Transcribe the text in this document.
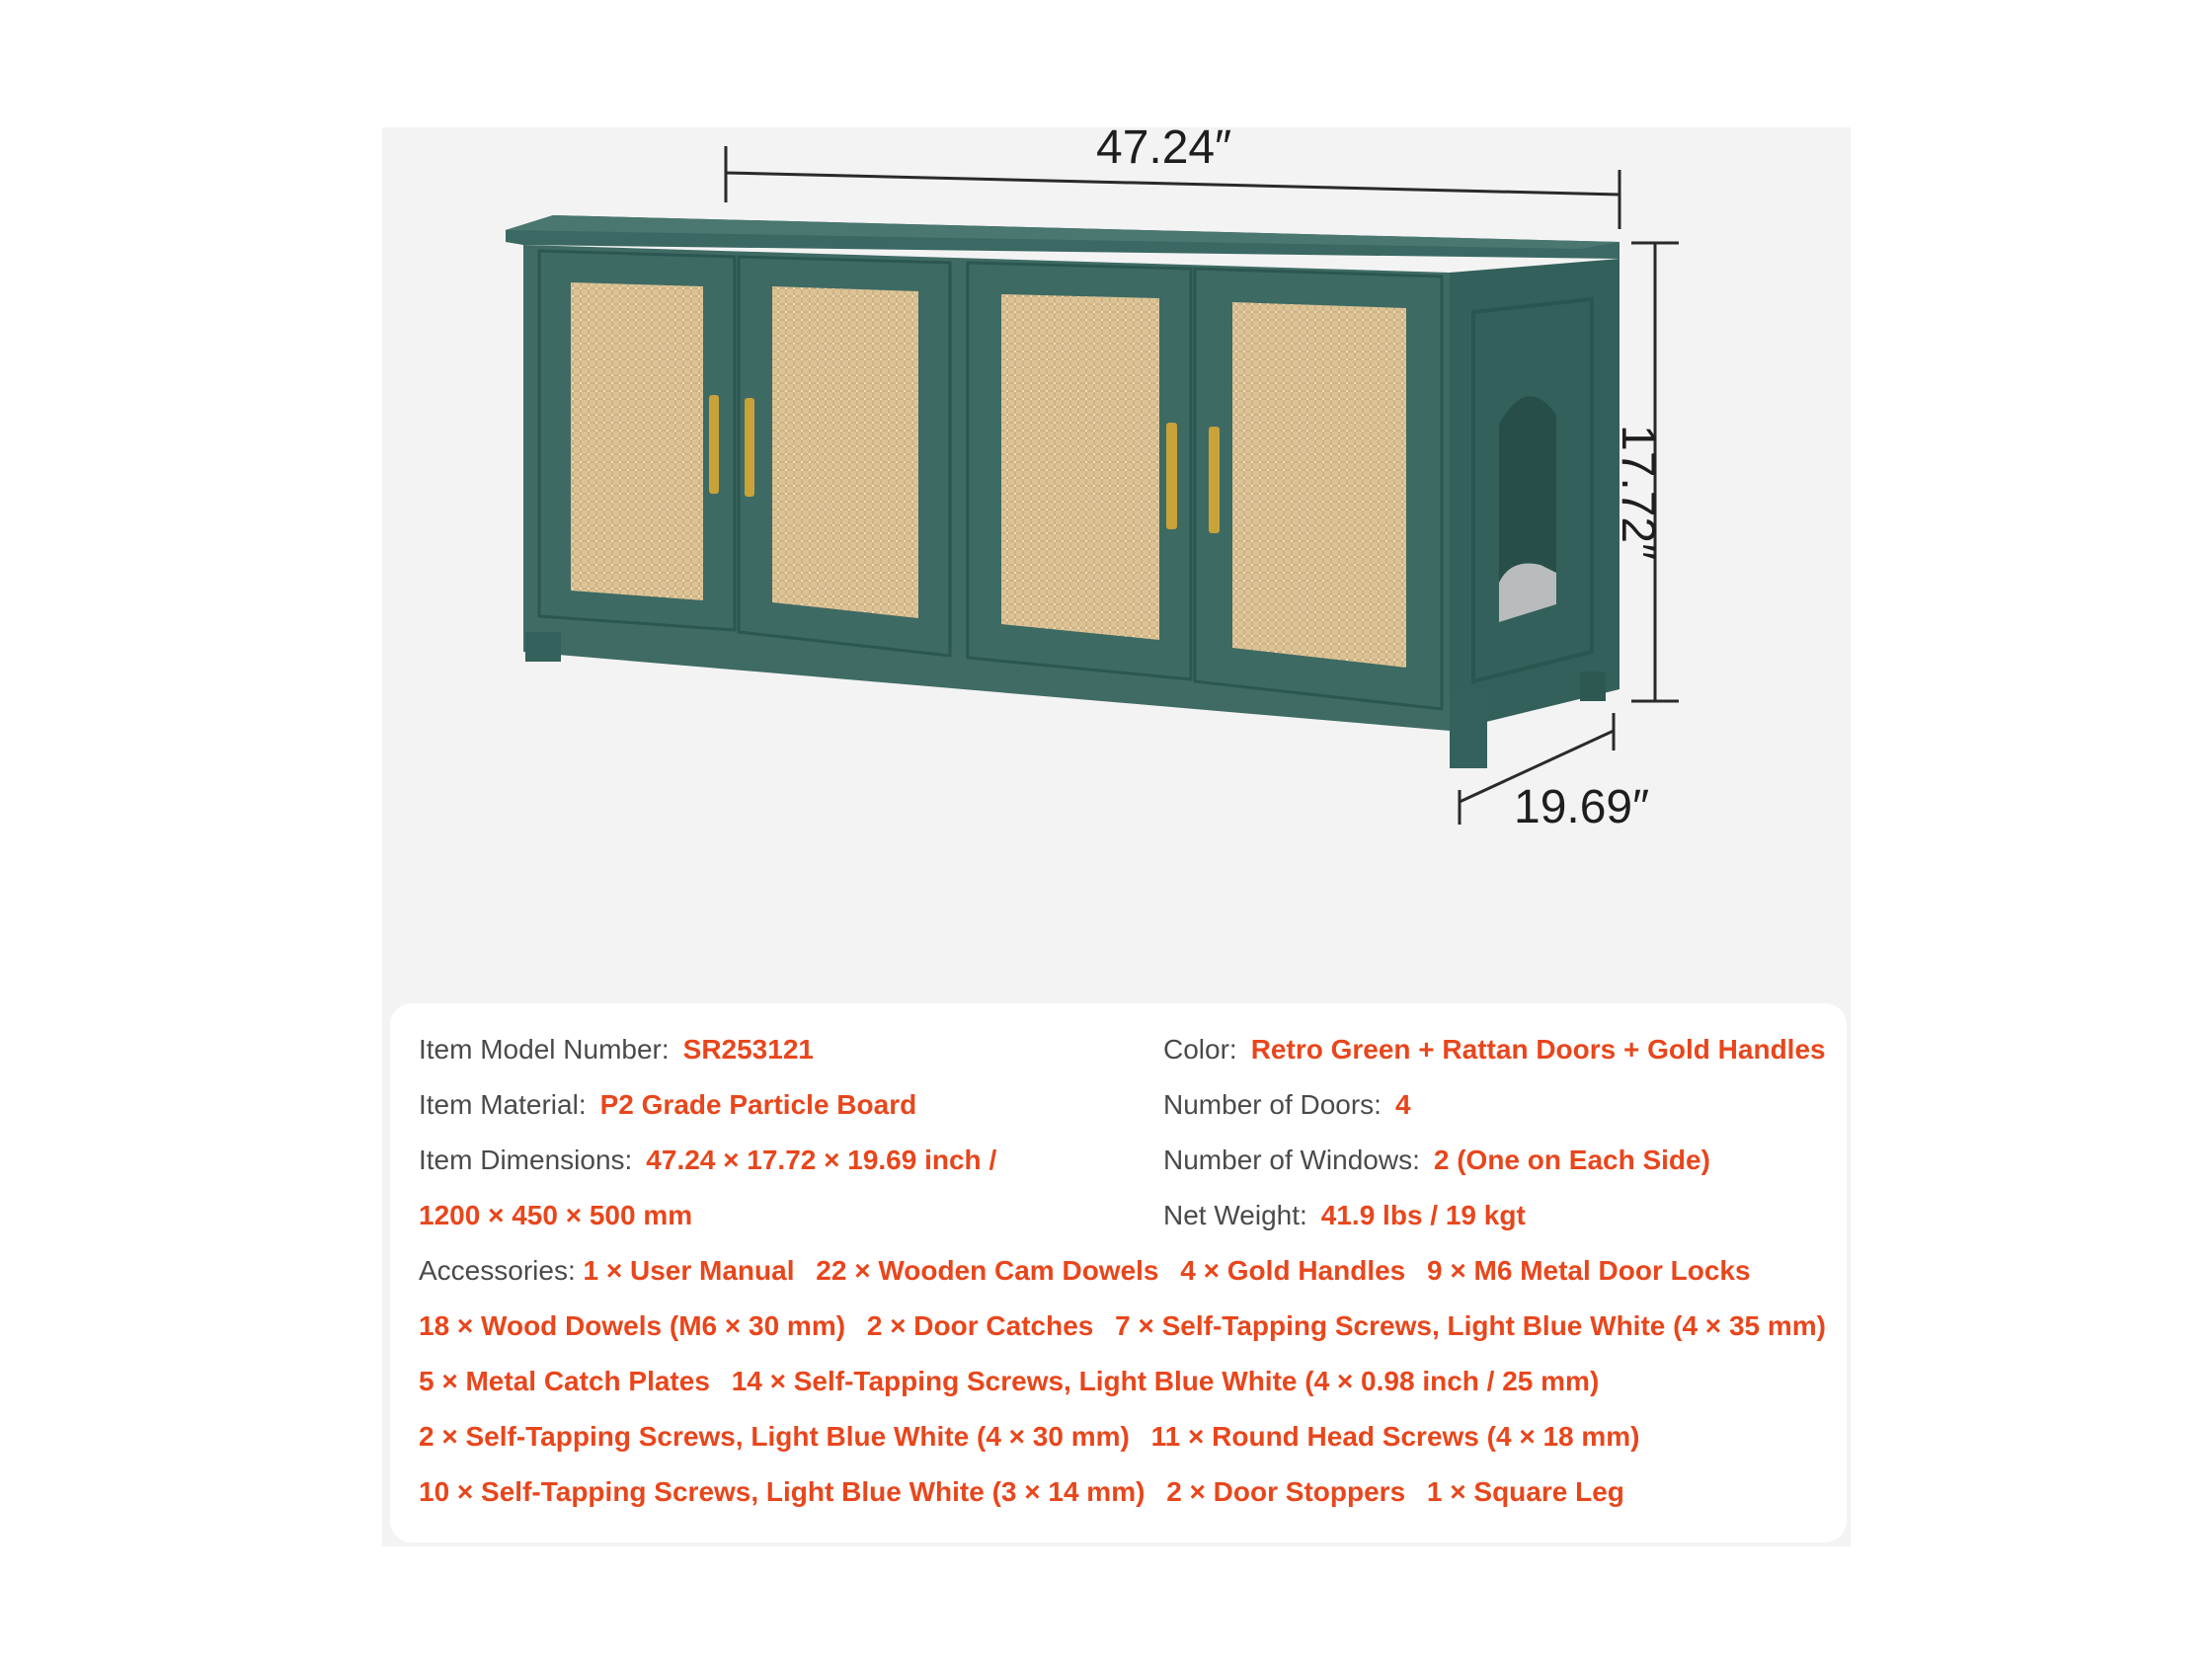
47.24″
17.72″
19.69″
Item Model Number: SR253121
Item Material: P2 Grade Particle Board
Item Dimensions: 47.24 × 17.72 × 19.69 inch /
1200 × 450 × 500 mm
Color: Retro Green + Rattan Doors + Gold Handles
Number of Doors: 4
Number of Windows: 2 (One on Each Side)
Net Weight: 41.9 lbs / 19 kgt
Accessories: 1 × User Manual 22 × Wooden Cam Dowels 4 × Gold Handles 9 × M6 Metal Door Locks
18 × Wood Dowels (M6 × 30 mm) 2 × Door Catches 7 × Self-Tapping Screws, Light Blue White (4 × 35 mm)
5 × Metal Catch Plates 14 × Self-Tapping Screws, Light Blue White (4 × 0.98 inch / 25 mm)
2 × Self-Tapping Screws, Light Blue White (4 × 30 mm) 11 × Round Head Screws (4 × 18 mm)
10 × Self-Tapping Screws, Light Blue White (3 × 14 mm) 2 × Door Stoppers 1 × Square Leg
